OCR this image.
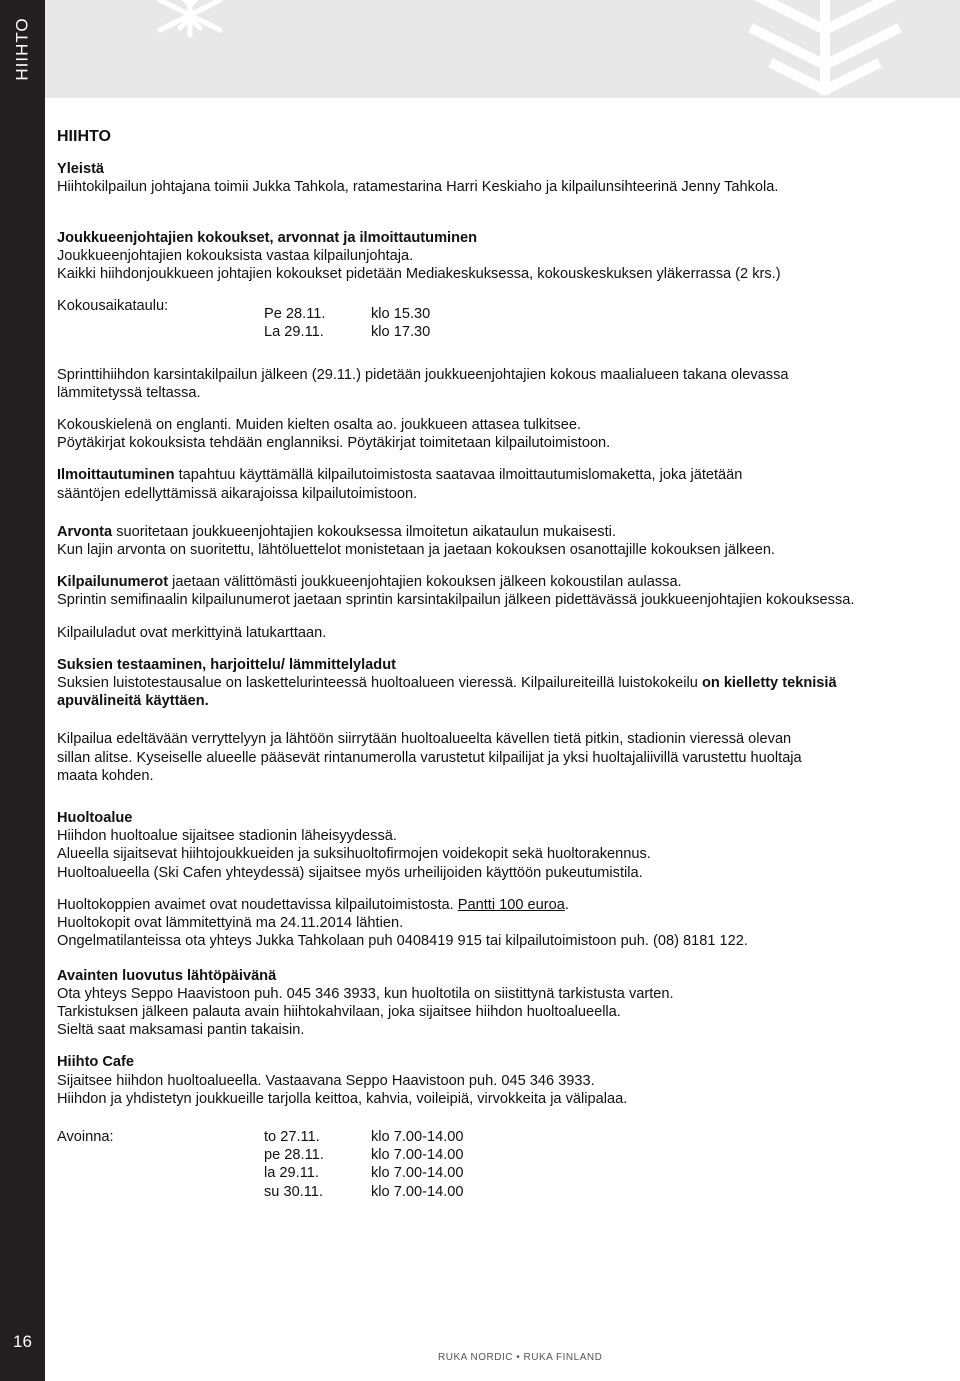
HIIHTO
16

HIIHTO

Yleistä

Hiihtokilpailun johtajana toimii Jukka Tahkola, ratamestarina Harri Keskiaho ja kilpailunsihteerinä Jenny Tahkola.

Joukkueenjohtajien kokoukset, arvonnat ja ilmoittautuminen

Joukkueenjohtajien kokouksista vastaa kilpailunjohtaja.

Kaikki hiihdonjoukkueen johtajien kokoukset pidetään Mediakeskuksessa, kokouskeskuksen yläkerrassa (2 krs.)

Kokousaikataulu:	Pe 28.11.	klo 15.30
La 29.11.	klo 17.30

Sprinttihiihdon karsintakilpailun jälkeen (29.11.) pidetään joukkueenjohtajien kokous maalialueen takana olevassa

lämmitetyssä teltassa.

Kokouskielenä on englanti. Muiden kielten osalta ao. joukkueen attasea tulkitsee.

Pöytäkirjat kokouksista tehdään englanniksi. Pöytäkirjat toimitetaan kilpailutoimistoon.

Ilmoittautuminen tapahtuu käyttämällä kilpailutoimistosta saatavaa ilmoittautumislomaketta, joka jätetään

sääntöjen edellyttämissä aikarajoissa kilpailutoimistoon.

Arvonta suoritetaan joukkueenjohtajien kokouksessa ilmoitetun aikataulun mukaisesti.

Kun lajin arvonta on suoritettu, lähtöluettelot monistetaan ja jaetaan kokouksen osanottajille kokouksen jälkeen.

Kilpailunumerot jaetaan välittömästi joukkueenjohtajien kokouksen jälkeen kokoustilan aulassa.

Sprintin semifinaalin kilpailunumerot jaetaan sprintin karsintakilpailun jälkeen pidettävässä joukkueenjohtajien kokouksessa.

Kilpailuladut ovat merkittyinä latukarttaan.

Suksien testaaminen, harjoittelu/ lämmittelyladut

Suksien luistotestausalue on laskettelurinteessä huoltoalueen vieressä. Kilpailureiteillä luistokokeilu on kielletty teknisiä

apuvälineitä käyttäen.

Kilpailua edeltävään verryttelyyn ja lähtöön siirrytään huoltoalueelta kävellen tietä pitkin, stadionin vieressä olevan

sillan alitse. Kyseiselle alueelle pääsevät rintanumerolla varustetut kilpailijat ja yksi huoltajaliivillä varustettu huoltaja

maata kohden.

Huoltoalue

Hiihdon huoltoalue sijaitsee stadionin läheisyydessä.

Alueella sijaitsevat hiihtojoukkueiden ja suksihuoltofirmojen voidekopit sekä huoltorakennus.

Huoltoalueella (Ski Cafen yhteydessä) sijaitsee myös urheilijoiden käyttöön pukeutumistila.

Huoltokoppien avaimet ovat noudettavissa kilpailutoimistosta. Pantti 100 euroa.

Huoltokopit ovat lämmitettyinä ma 24.11.2014 lähtien.

Ongelmatilanteissa ota yhteys Jukka Tahkolaan puh 0408419 915 tai kilpailutoimistoon puh. (08) 8181 122.

Avainten luovutus lähtöpäivänä

Ota yhteys Seppo Haavistoon puh. 045 346 3933, kun huoltotila on siistittynä tarkistusta varten.

Tarkistuksen jälkeen palauta avain hiihtokahvilaan, joka sijaitsee hiihdon huoltoalueella.

Sieltä saat maksamasi pantin takaisin.

Hiihto Cafe

Sijaitsee hiihdon huoltoalueella. Vastaavana Seppo Haavistoon puh. 045 346 3933.

Hiihdon ja yhdistetyn joukkueille tarjolla keittoa, kahvia, voileipiä, virvokkeita ja välipalaa.

Avoinna:	to 27.11.	klo 7.00-14.00
pe 28.11.	klo 7.00-14.00
la 29.11.	klo 7.00-14.00
su 30.11.	klo 7.00-14.00
RUKA NORDIC • RUKA FINLAND
